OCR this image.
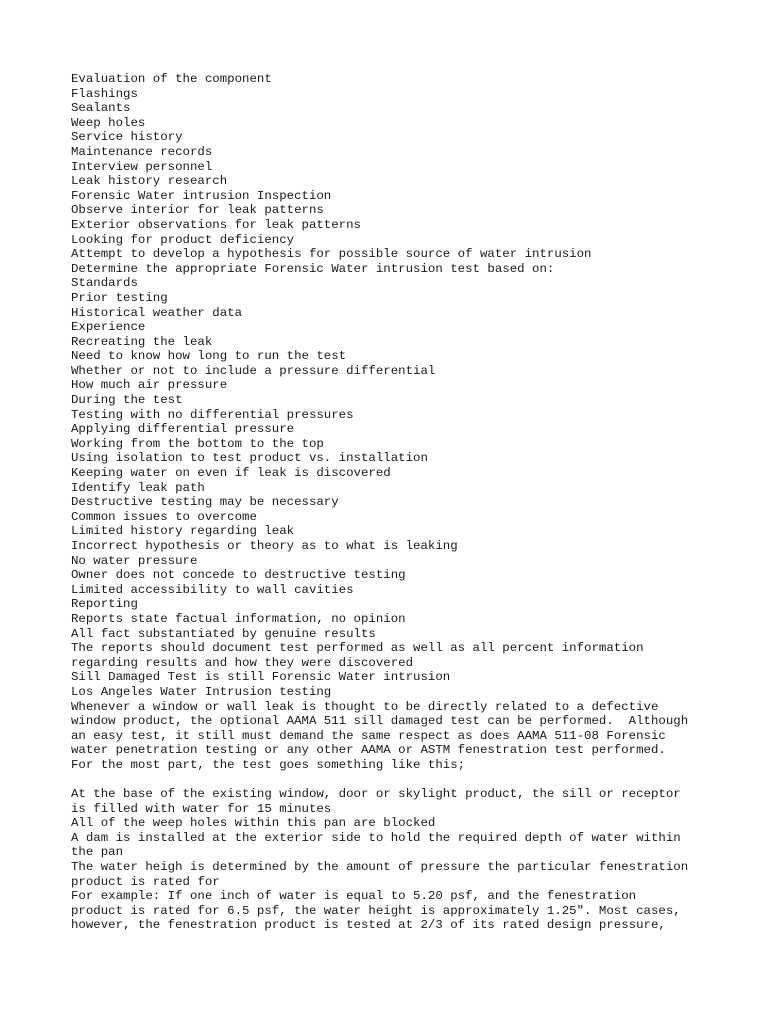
Evaluation of the component
Flashings
Sealants
Weep holes
Service history
Maintenance records
Interview personnel
Leak history research
Forensic Water intrusion Inspection
Observe interior for leak patterns
Exterior observations for leak patterns
Looking for product deficiency
Attempt to develop a hypothesis for possible source of water intrusion
Determine the appropriate Forensic Water intrusion test based on:
Standards
Prior testing
Historical weather data
Experience
Recreating the leak
Need to know how long to run the test
Whether or not to include a pressure differential
How much air pressure
During the test
Testing with no differential pressures
Applying differential pressure
Working from the bottom to the top
Using isolation to test product vs. installation
Keeping water on even if leak is discovered
Identify leak path
Destructive testing may be necessary
Common issues to overcome
Limited history regarding leak
Incorrect hypothesis or theory as to what is leaking
No water pressure
Owner does not concede to destructive testing
Limited accessibility to wall cavities
Reporting
Reports state factual information, no opinion
All fact substantiated by genuine results
The reports should document test performed as well as all percent information
regarding results and how they were discovered
Sill Damaged Test is still Forensic Water intrusion
Los Angeles Water Intrusion testing
Whenever a window or wall leak is thought to be directly related to a defective
window product, the optional AAMA 511 sill damaged test can be performed.  Although
an easy test, it still must demand the same respect as does AAMA 511-08 Forensic
water penetration testing or any other AAMA or ASTM fenestration test performed.
For the most part, the test goes something like this;
At the base of the existing window, door or skylight product, the sill or receptor
is filled with water for 15 minutes
All of the weep holes within this pan are blocked
A dam is installed at the exterior side to hold the required depth of water within
the pan
The water heigh is determined by the amount of pressure the particular fenestration
product is rated for
For example: If one inch of water is equal to 5.20 psf, and the fenestration
product is rated for 6.5 psf, the water height is approximately 1.25". Most cases,
however, the fenestration product is tested at 2/3 of its rated design pressure,
